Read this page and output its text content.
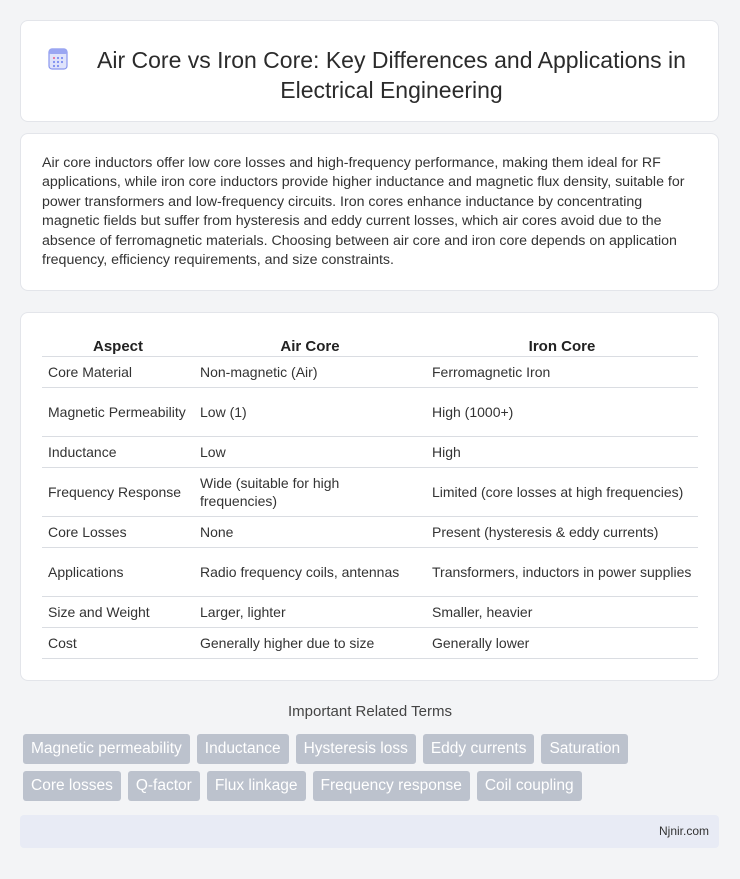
Air Core vs Iron Core: Key Differences and Applications in Electrical Engineering

Air core inductors offer low core losses and high-frequency performance, making them ideal for RF applications, while iron core inductors provide higher inductance and magnetic flux density, suitable for power transformers and low-frequency circuits. Iron cores enhance inductance by concentrating magnetic fields but suffer from hysteresis and eddy current losses, which air cores avoid due to the absence of ferromagnetic materials. Choosing between air core and iron core depends on application frequency, efficiency requirements, and size constraints.

Aspect	Air Core	Iron Core
Core Material	Non-magnetic (Air)	Ferromagnetic Iron
Magnetic Permeability	Low (1)	High (1000+)
Inductance	Low	High
Frequency Response	Wide (suitable for high frequencies)	Limited (core losses at high frequencies)
Core Losses	None	Present (hysteresis & eddy currents)
Applications	Radio frequency coils, antennas	Transformers, inductors in power supplies
Size and Weight	Larger, lighter	Smaller, heavier
Cost	Generally higher due to size	Generally lower
Important Related Terms
Magnetic permeability	Inductance	Hysteresis loss	Eddy currents	Saturation
Core losses	Q-factor	Flux linkage	Frequency response	Coil coupling
Njnir.com
